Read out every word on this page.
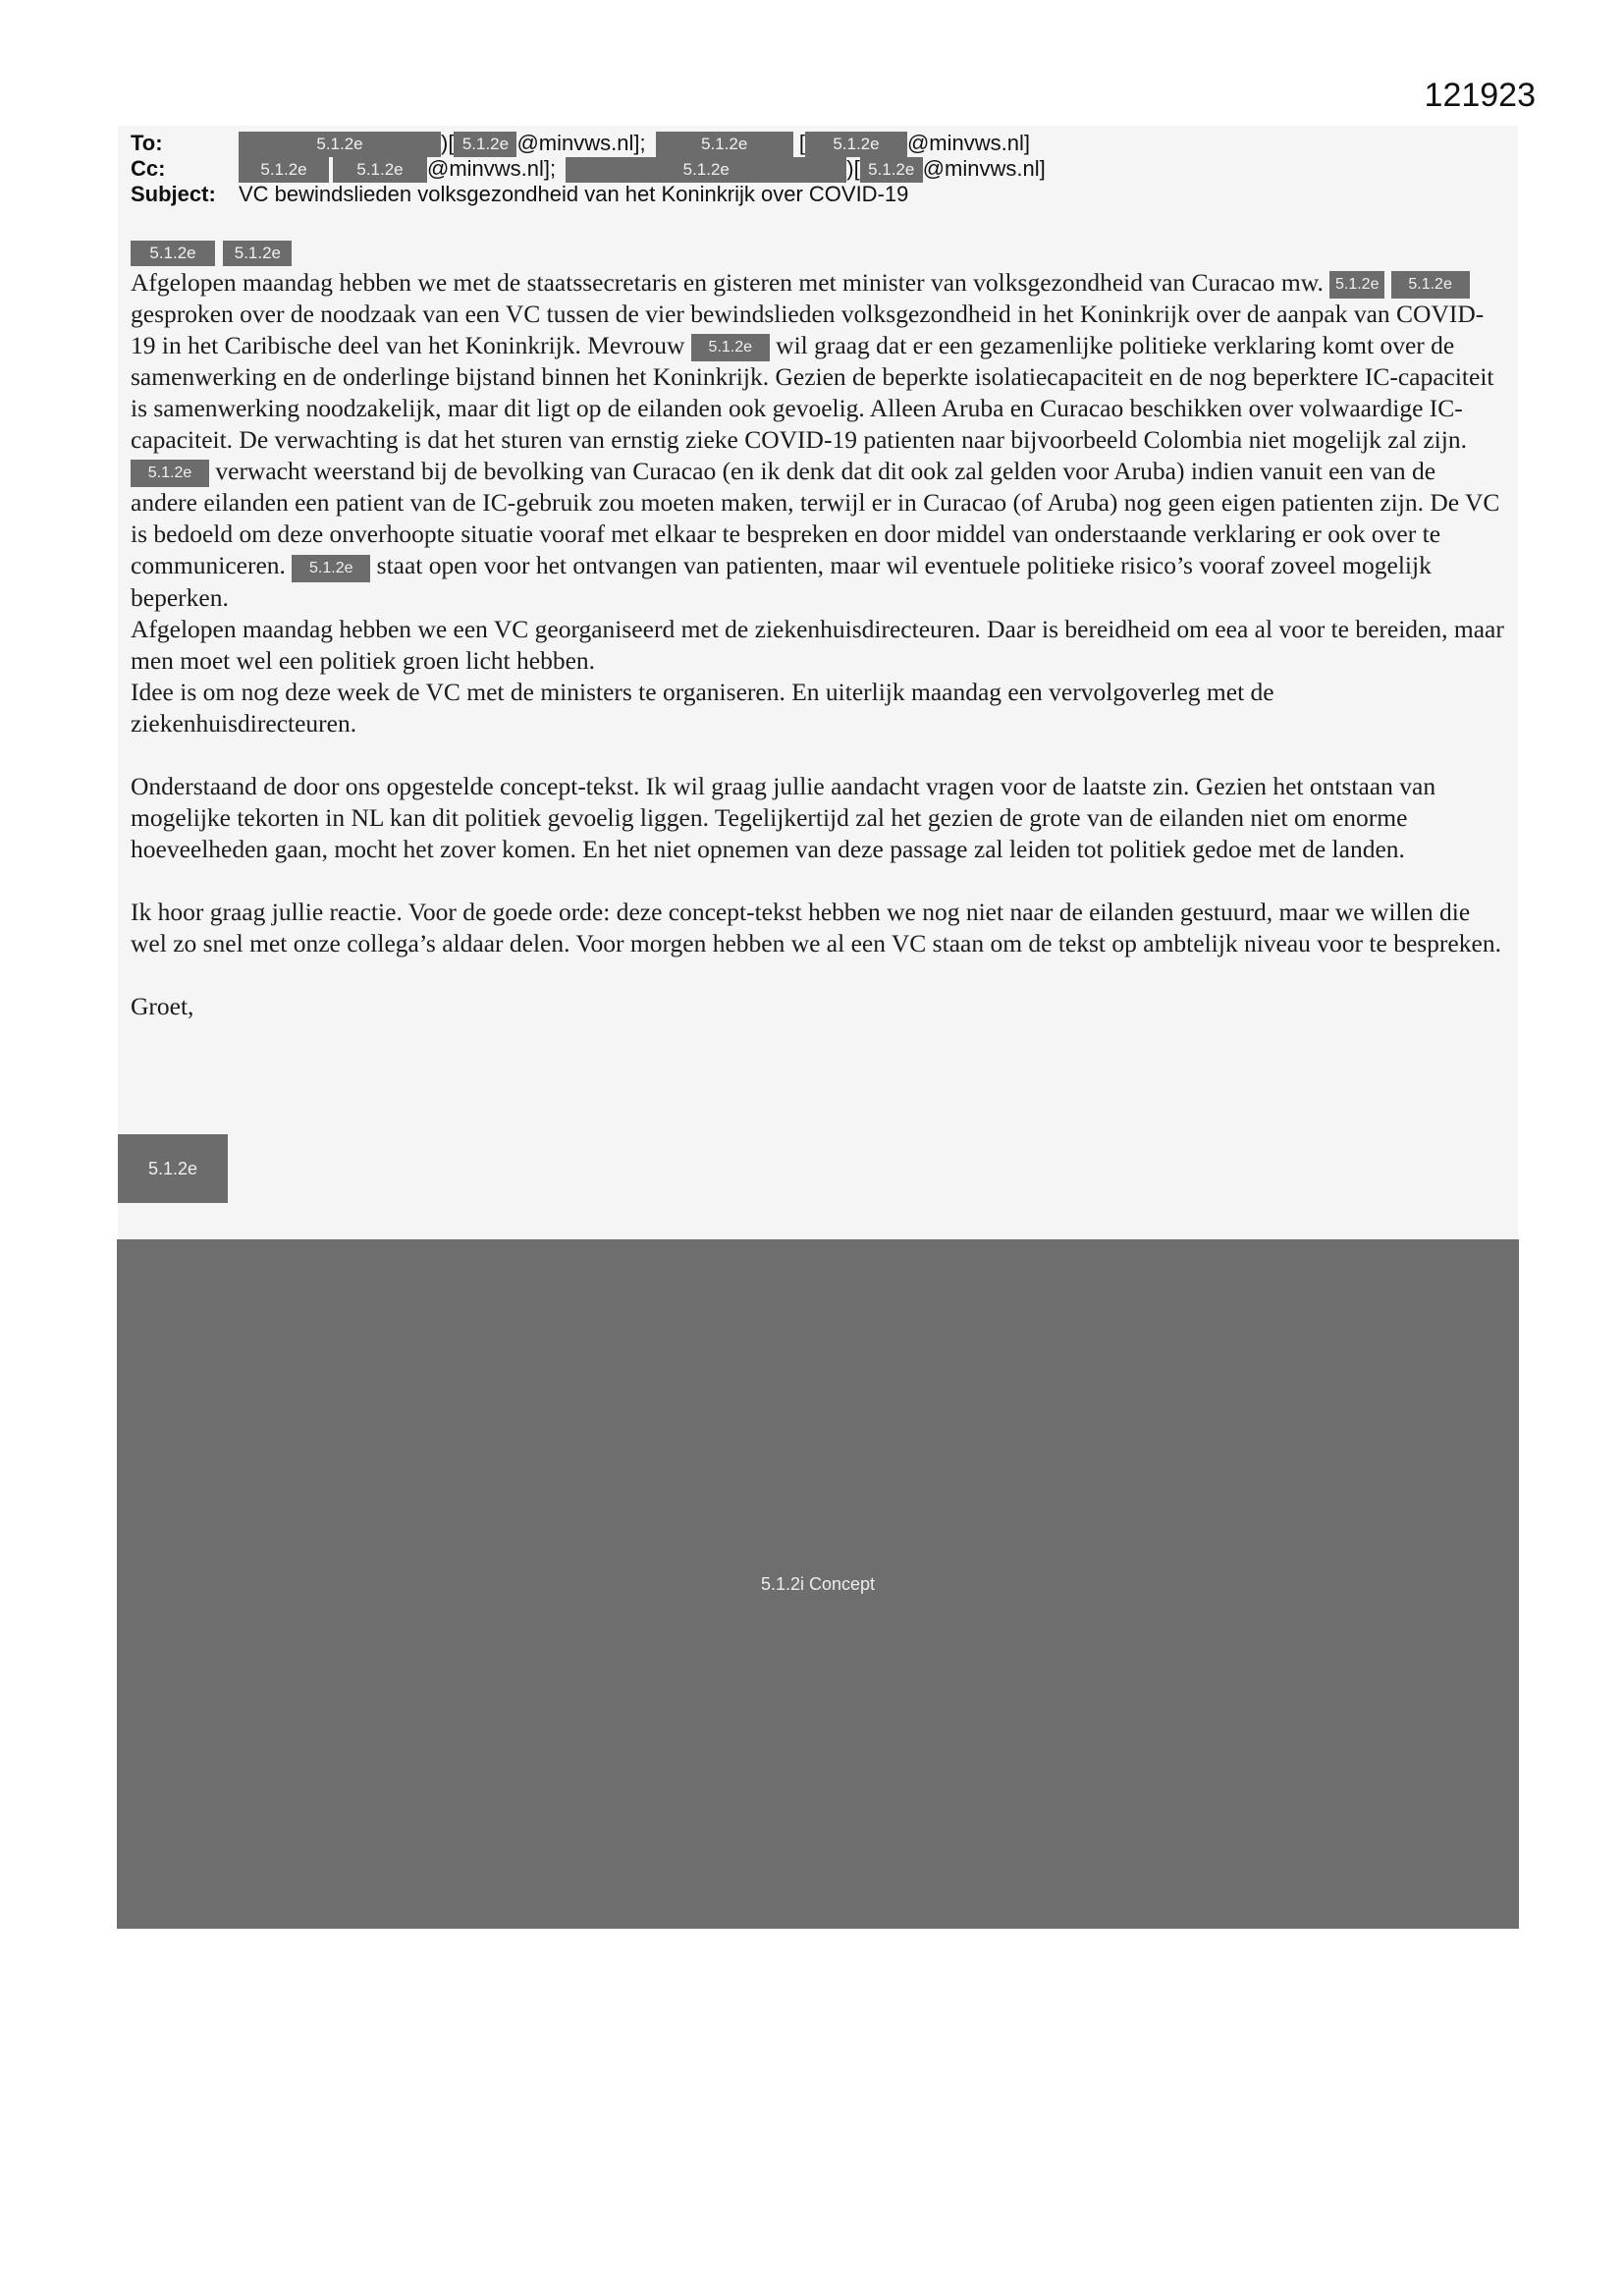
121923
To:	5.1.2e	)[ 5.1.2e @minvws.nl];	5.1.2e [ 5.1.2e @minvws.nl]
Cc:	5.1.2e	5.1.2e @minvws.nl];	5.1.2e	)[ 5.1.2e @minvws.nl]
Subject: VC bewindslieden volksgezondheid van het Koninkrijk over COVID-19
5.1.2e 5.1.2e

Afgelopen maandag hebben we met de staatssecretaris en gisteren met minister van volksgezondheid van Curacao mw. 5.1.2e 5.1.2egesproken over de noodzaak van een VC tussen de vier bewindslieden volksgezondheid in het Koninkrijk over de aanpak van COVID-19 in het Caribische deel van het Koninkrijk. Mevrouw 5.1.2e wil graag dat er een gezamenlijke politieke verklaring komt over de samenwerking en de onderlinge bijstand binnen het Koninkrijk. Gezien de beperkte isolatiecapaciteit en de nog beperktere IC-capaciteit is samenwerking noodzakelijk, maar dit ligt op de eilanden ook gevoelig. Alleen Aruba en Curacao beschikken over volwaardige IC-capaciteit. De verwachting is dat het sturen van ernstig zieke COVID-19 patienten naar bijvoorbeeld Colombia niet mogelijk zal zijn. 5.1.2e verwacht weerstand bij de bevolking van Curacao (en ik denk dat dit ook zal gelden voor Aruba) indien vanuit een van de andere eilanden een patient van de IC-gebruik zou moeten maken, terwijl er in Curacao (of Aruba) nog geen eigen patienten zijn. De VC is bedoeld om deze onverhoopte situatie vooraf met elkaar te bespreken en door middel van onderstaande verklaring er ook over te communiceren. 5.1.2e staat open voor het ontvangen van patienten, maar wil eventuele politieke risico’s vooraf zoveel mogelijk beperken.

Afgelopen maandag hebben we een VC georganiseerd met de ziekenhuisdirecteuren. Daar is bereidheid om eea al voor te bereiden, maar men moet wel een politiek groen licht hebben.

Idee is om nog deze week de VC met de ministers te organiseren. En uiterlijk maandag een vervolgoverleg met de ziekenhuisdirecteuren.

Onderstaand de door ons opgestelde concept-tekst. Ik wil graag jullie aandacht vragen voor de laatste zin. Gezien het ontstaan van mogelijke tekorten in NL kan dit politiek gevoelig liggen. Tegelijkertijd zal het gezien de grote van de eilanden niet om enorme hoeveelheden gaan, mocht het zover komen. En het niet opnemen van deze passage zal leiden tot politiek gedoe met de landen.

Ik hoor graag jullie reactie. Voor de goede orde: deze concept-tekst hebben we nog niet naar de eilanden gestuurd, maar we willen die wel zo snel met onze collega’s aldaar delen. Voor morgen hebben we al een VC staan om de tekst op ambtelijk niveau voor te bespreken.

Groet,

5.1.2e
5.1.2i Concept
